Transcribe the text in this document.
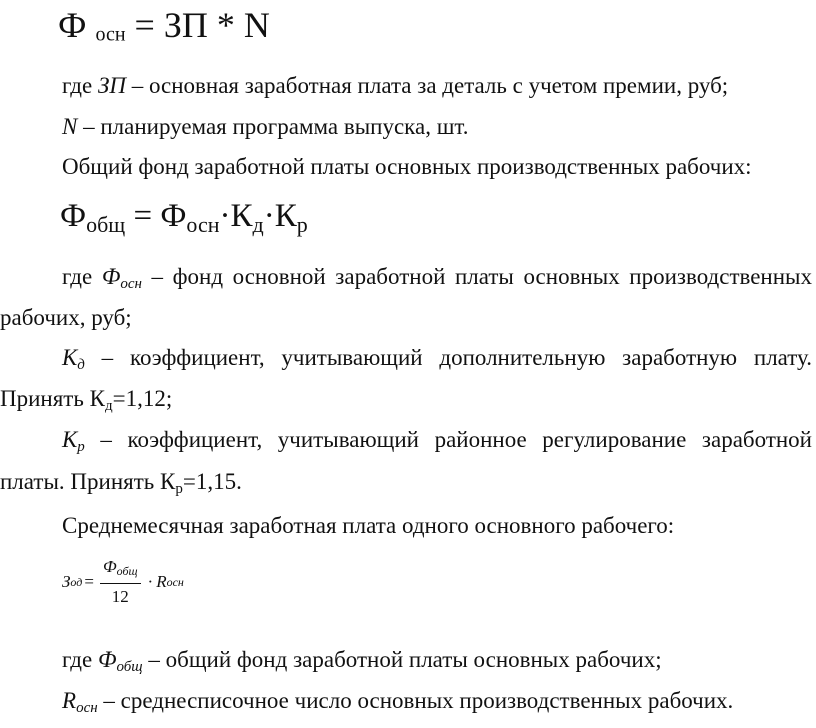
Ф осн = ЗП * N
где ЗП – основная заработная плата за деталь с учетом премии, руб;
N – планируемая программа выпуска, шт.
Общий фонд заработной платы основных производственных рабочих:
Фобщ = Фосн·Кд·Кр
где Фосн – фонд основной заработной платы основных производственных
рабочих, руб;
Кд – коэффициент, учитывающий дополнительную заработную плату.
Принять Кд=1,12;
Кр – коэффициент, учитывающий районное регулирование заработной
платы. Принять Кр=1,15.
Среднемесячная заработная плата одного основного рабочего:
З од = $\frac{\text{Фобщ}}{12} \cdot R$ осн
где Фобщ – общий фонд заработной платы основных рабочих;
Rосн – среднесписочное число основных производственных рабочих.
